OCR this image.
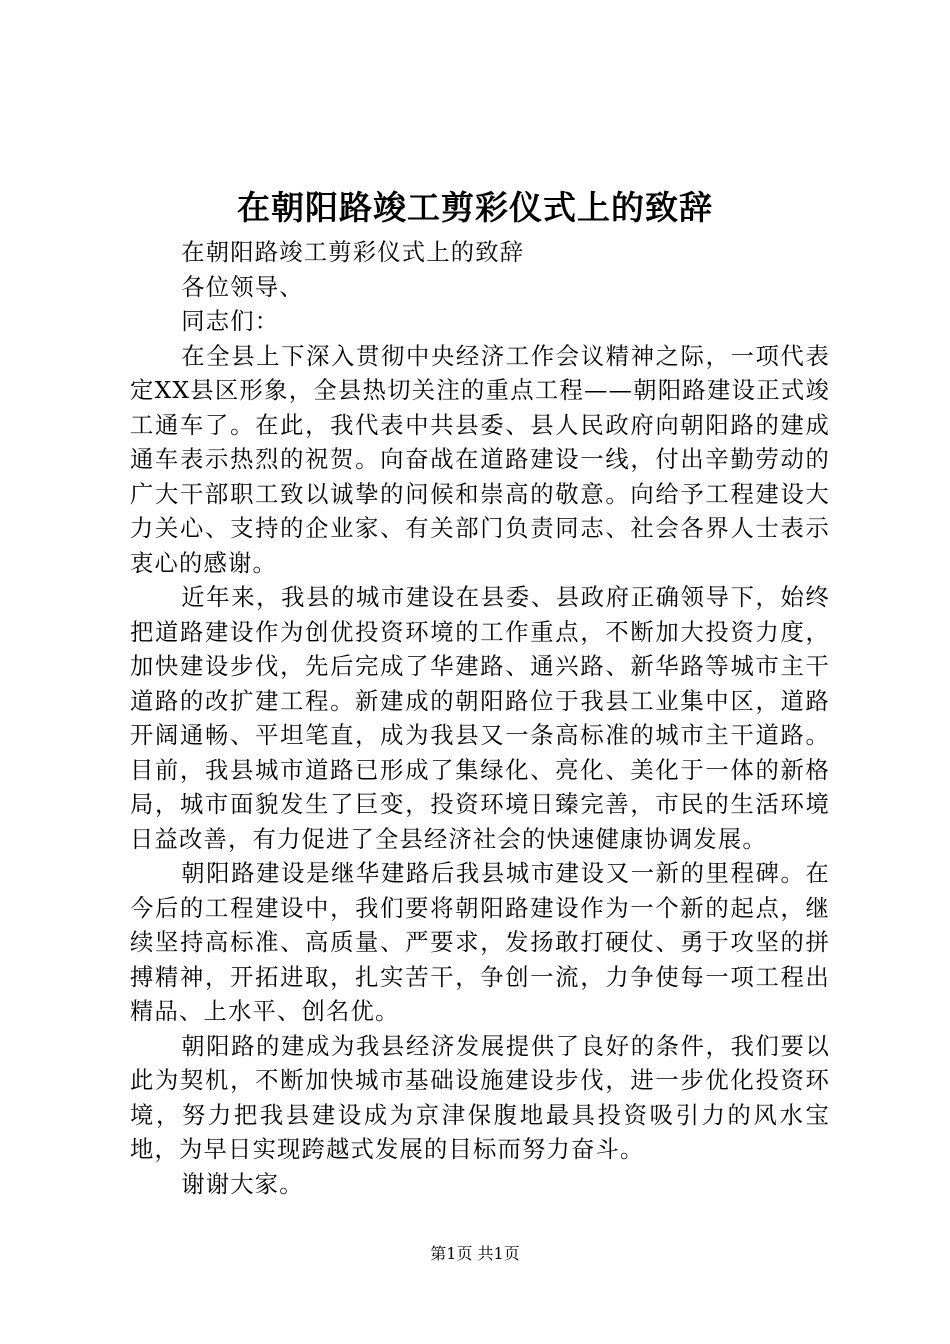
在朝阳路竣工剪彩仪式上的致辞

在朝阳路竣工剪彩仪式上的致辞

各位领导、

同志们：

在全县上下深入贯彻中央经济工作会议精神之际，一项代表定XX县区形象，全县热切关注的重点工程——朝阳路建设正式竣工通车了。在此，我代表中共县委、县人民政府向朝阳路的建成通车表示热烈的祝贺。向奋战在道路建设一线，付出辛勤劳动的广大干部职工致以诚挚的问候和崇高的敬意。向给予工程建设大力关心、支持的企业家、有关部门负责同志、社会各界人士表示衷心的感谢。

近年来，我县的城市建设在县委、县政府正确领导下，始终把道路建设作为创优投资环境的工作重点，不断加大投资力度，加快建设步伐，先后完成了华建路、通兴路、新华路等城市主干道路的改扩建工程。新建成的朝阳路位于我县工业集中区，道路开阔通畅、平坦笔直，成为我县又一条高标准的城市主干道路。目前，我县城市道路已形成了集绿化、亮化、美化于一体的新格局，城市面貌发生了巨变，投资环境日臻完善，市民的生活环境日益改善，有力促进了全县经济社会的快速健康协调发展。

朝阳路建设是继华建路后我县城市建设又一新的里程碑。在今后的工程建设中，我们要将朝阳路建设作为一个新的起点，继续坚持高标准、高质量、严要求，发扬敢打硬仗、勇于攻坚的拼搏精神，开拓进取，扎实苦干，争创一流，力争使每一项工程出精品、上水平、创名优。

朝阳路的建成为我县经济发展提供了良好的条件，我们要以此为契机，不断加快城市基础设施建设步伐，进一步优化投资环境，努力把我县建设成为京津保腹地最具投资吸引力的风水宝地，为早日实现跨越式发展的目标而努力奋斗。

谢谢大家。

第1页 共1页
